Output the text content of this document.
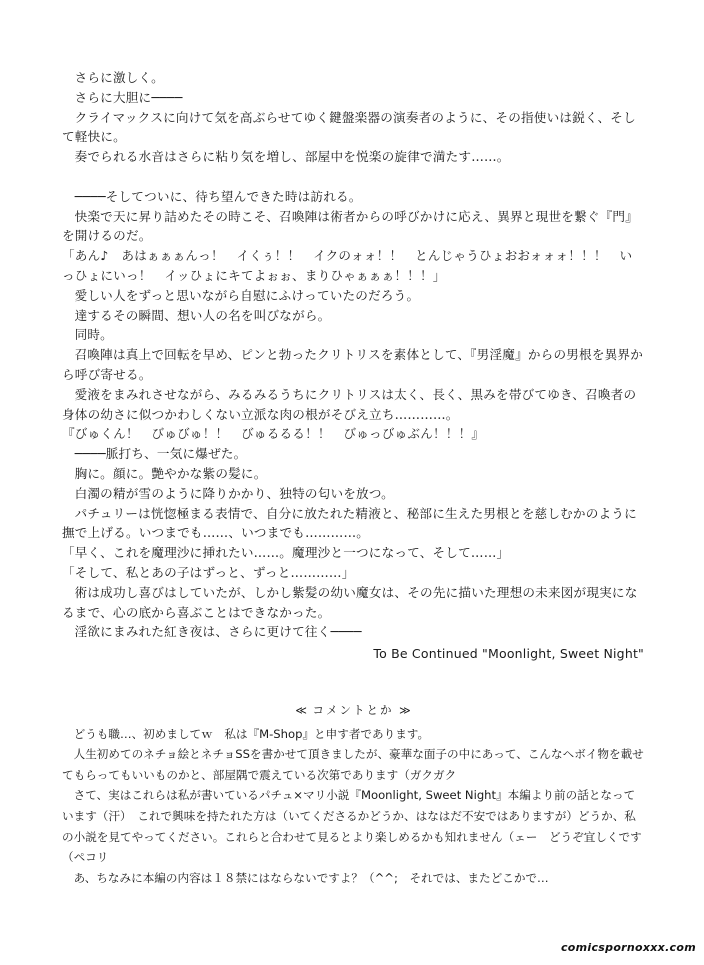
さらに激しく。

さらに大胆に────

クライマックスに向けて気を高ぶらせてゆく鍵盤楽器の演奏者のように、その指使いは鋭く、そして軽快に。

奏でられる水音はさらに粘り気を増し、部屋中を悦楽の旋律で満たす……。

────そしてついに、待ち望んできた時は訪れる。

快楽で天に昇り詰めたその時こそ、召喚陣は術者からの呼びかけに応え、異界と現世を繋ぐ『門』を開けるのだ。

「あん♪　あはぁぁぁんっ！　イくぅ！！　イクのォォ！！　とんじゃうひょおおォォォ！！！　いっひょにいっ！　イッひょにキてよぉぉ、まりひゃぁぁぁ！！！」

愛しい人をずっと思いながら自慰にふけっていたのだろう。

達するその瞬間、想い人の名を叫びながら。

同時。

召喚陣は真上で回転を早め、ピンと勃ったクリトリスを素体として、『男淫魔』からの男根を異界から呼び寄せる。

愛液をまみれさせながら、みるみるうちにクリトリスは太く、長く、黒みを帯びてゆき、召喚者の身体の幼さに似つかわしくない立派な肉の根がそびえ立ち…………。

『びゅくん！　びゅびゅ！！　びゅるるる！！　びゅっびゅぶん！！！』

────脈打ち、一気に爆ぜた。

胸に。顔に。艶やかな紫の髪に。

白濁の精が雪のように降りかかり、独特の匂いを放つ。

パチュリーは恍惚極まる表情で、自分に放たれた精液と、秘部に生えた男根とを慈しむかのように撫で上げる。いつまでも……、いつまでも…………。

「早く、これを魔理沙に挿れたい……。魔理沙と一つになって、そして……」

「そして、私とあの子はずっと、ずっと…………」

術は成功し喜びはしていたが、しかし紫髪の幼い魔女は、その先に描いた理想の未来図が現実になるまで、心の底から喜ぶことはできなかった。

淫欲にまみれた紅き夜は、さらに更けて往く────

To Be Continued "Moonlight, Sweet Night"

≪ コメントとか ≫

どうも職…、初めましてｗ　私は『M-Shop』と申す者であります。

人生初めてのネチョ絵とネチョSSを書かせて頂きましたが、豪華な面子の中にあって、こんなヘボイ物を載せてもらってもいいものかと、部屋隅で震えている次第であります（ガクガク

さて、実はこれらは私が書いているパチュ×マリ小説『Moonlight, Sweet Night』本編より前の話となっています（汗）　これで興味を持たれた方は（いてくださるかどうか、はなはだ不安ではありますが）どうか、私の小説を見てやってください。これらと合わせて見るとより楽しめるかも知れません（ェー　どうぞ宜しくです（ペコリ

あ、ちなみに本編の内容は１８禁にはならないですよ？（^^;　それでは、またどこかで…

comicspornoxxx.com
